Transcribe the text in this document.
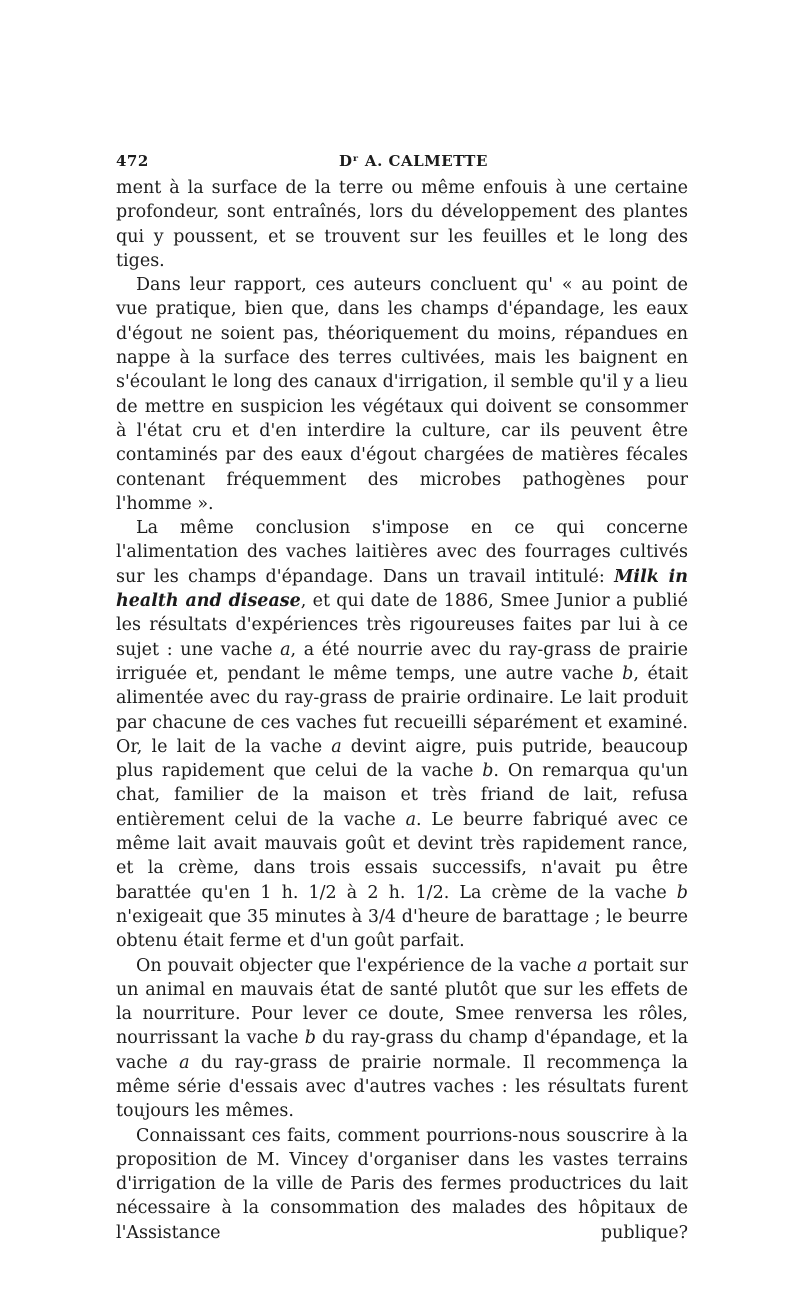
472	Dʳ A. CALMETTE

ment à la surface de la terre ou même enfouis à une certaine profondeur, sont entraînés, lors du développement des plantes qui y poussent, et se trouvent sur les feuilles et le long des tiges.

Dans leur rapport, ces auteurs concluent qu' « au point de vue pratique, bien que, dans les champs d'épandage, les eaux d'égout ne soient pas, théoriquement du moins, répandues en nappe à la surface des terres cultivées, mais les baignent en s'écoulant le long des canaux d'irrigation, il semble qu'il y a lieu de mettre en suspicion les végétaux qui doivent se consommer à l'état cru et d'en interdire la culture, car ils peuvent être contaminés par des eaux d'égout chargées de matières fécales contenant fréquemment des microbes pathogènes pour l'homme ».

La même conclusion s'impose en ce qui concerne l'alimentation des vaches laitières avec des fourrages cultivés sur les champs d'épandage. Dans un travail intitulé: Milk in health and disease, et qui date de 1886, Smee Junior a publié les résultats d'expériences très rigoureuses faites par lui à ce sujet : une vache a, a été nourrie avec du ray-grass de prairie irriguée et, pendant le même temps, une autre vache b, était alimentée avec du ray-grass de prairie ordinaire. Le lait produit par chacune de ces vaches fut recueilli séparément et examiné. Or, le lait de la vache a devint aigre, puis putride, beaucoup plus rapidement que celui de la vache b. On remarqua qu'un chat, familier de la maison et très friand de lait, refusa entièrement celui de la vache a. Le beurre fabriqué avec ce même lait avait mauvais goût et devint très rapidement rance, et la crème, dans trois essais successifs, n'avait pu être barattée qu'en 1 h. 1/2 à 2 h. 1/2. La crème de la vache b n'exigeait que 35 minutes à 3/4 d'heure de barattage ; le beurre obtenu était ferme et d'un goût parfait.

On pouvait objecter que l'expérience de la vache a portait sur un animal en mauvais état de santé plutôt que sur les effets de la nourriture. Pour lever ce doute, Smee renversa les rôles, nourrissant la vache b du ray-grass du champ d'épandage, et la vache a du ray-grass de prairie normale. Il recommença la même série d'essais avec d'autres vaches : les résultats furent toujours les mêmes.

Connaissant ces faits, comment pourrions-nous souscrire à la proposition de M. Vincey d'organiser dans les vastes terrains d'irrigation de la ville de Paris des fermes productrices du lait nécessaire à la consommation des malades des hôpitaux de l'Assistance publique?
